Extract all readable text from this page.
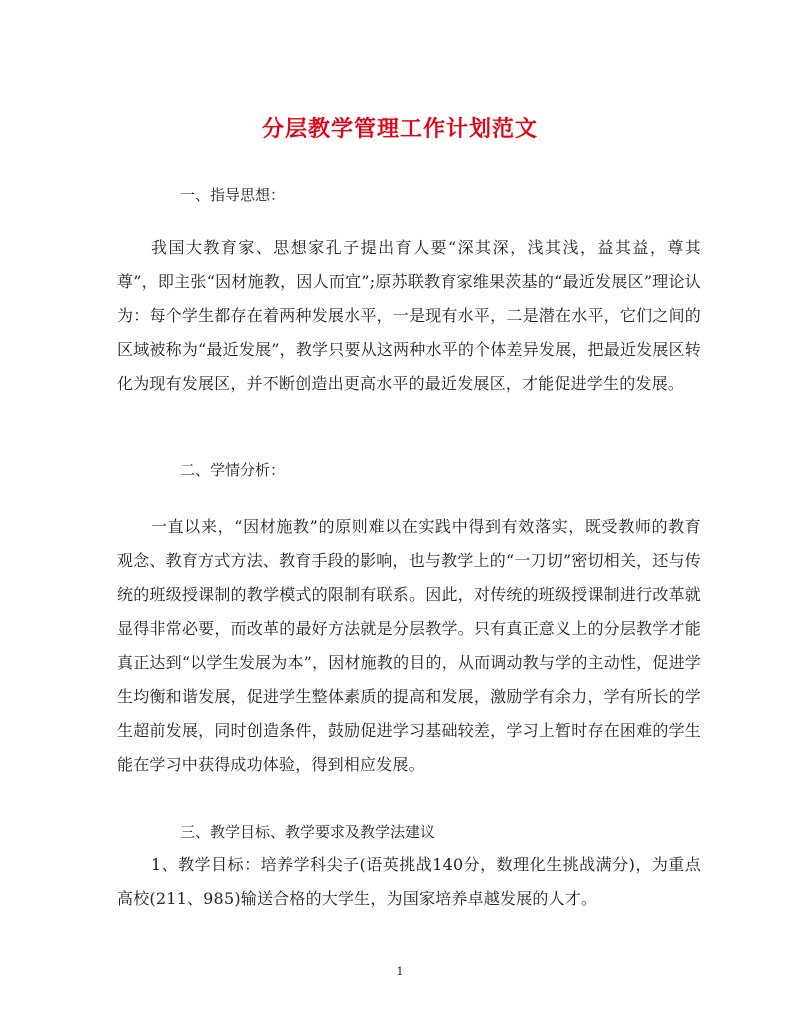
分层教学管理工作计划范文

一、指导思想：

我国大教育家、思想家孔子提出育人要“深其深，浅其浅，益其益，尊其尊”，即主张“因材施教，因人而宜”;原苏联教育家维果茨基的“最近发展区”理论认为：每个学生都存在着两种发展水平，一是现有水平，二是潜在水平，它们之间的区域被称为“最近发展”，教学只要从这两种水平的个体差异发展，把最近发展区转化为现有发展区，并不断创造出更高水平的最近发展区，才能促进学生的发展。

二、学情分析：

一直以来，“因材施教”的原则难以在实践中得到有效落实，既受教师的教育观念、教育方式方法、教育手段的影响，也与教学上的“一刀切”密切相关，还与传统的班级授课制的教学模式的限制有联系。因此，对传统的班级授课制进行改革就显得非常必要，而改革的最好方法就是分层教学。只有真正意义上的分层教学才能真正达到“以学生发展为本”，因材施教的目的，从而调动教与学的主动性，促进学生均衡和谐发展，促进学生整体素质的提高和发展，激励学有余力，学有所长的学生超前发展，同时创造条件，鼓励促进学习基础较差，学习上暂时存在困难的学生能在学习中获得成功体验，得到相应发展。

三、教学目标、教学要求及教学法建议

1、教学目标：培养学科尖子(语英挑战140分，数理化生挑战满分)，为重点高校(211、985)输送合格的大学生，为国家培养卓越发展的人才。

1
